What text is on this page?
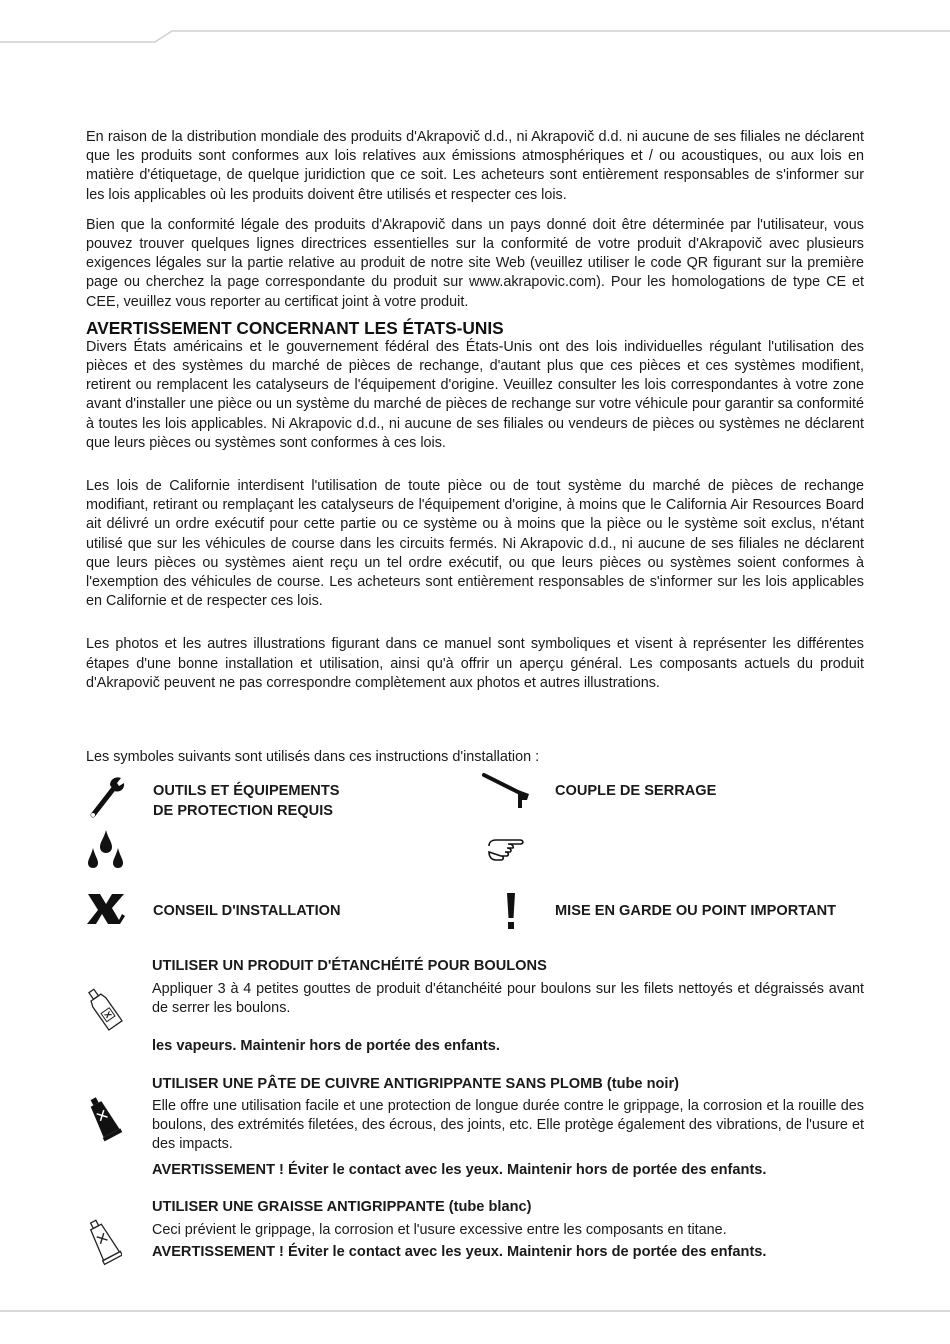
En raison de la distribution mondiale des produits d'Akrapovič d.d., ni Akrapovič d.d. ni aucune de ses filiales ne déclarent que les produits sont conformes aux lois relatives aux émissions atmosphériques et / ou acoustiques, ou aux lois en matière d'étiquetage, de quelque juridiction que ce soit. Les acheteurs sont entièrement responsables de s'informer sur les lois applicables où les produits doivent être utilisés et respecter ces lois.

Bien que la conformité légale des produits d'Akrapovič dans un pays donné doit être déterminée par l'utilisateur, vous pouvez trouver quelques lignes directrices essentielles sur la conformité de votre produit d'Akrapovič avec plusieurs exigences légales sur la partie relative au produit de notre site Web (veuillez utiliser le code QR figurant sur la première page ou cherchez la page correspondante du produit sur www.akrapovic.com). Pour les homologations de type CE et CEE, veuillez vous reporter au certificat joint à votre produit.

AVERTISSEMENT CONCERNANT LES ÉTATS-UNIS

Divers États américains et le gouvernement fédéral des États-Unis ont des lois individuelles régulant l'utilisation des pièces et des systèmes du marché de pièces de rechange, d'autant plus que ces pièces et ces systèmes modifient, retirent ou remplacent les catalyseurs de l'équipement d'origine. Veuillez consulter les lois correspondantes à votre zone avant d'installer une pièce ou un système du marché de pièces de rechange sur votre véhicule pour garantir sa conformité à toutes les lois applicables. Ni Akrapovic d.d., ni aucune de ses filiales ou vendeurs de pièces ou systèmes ne déclarent que leurs pièces ou systèmes sont conformes à ces lois.

Les lois de Californie interdisent l'utilisation de toute pièce ou de tout système du marché de pièces de rechange modifiant, retirant ou remplaçant les catalyseurs de l'équipement d'origine, à moins que le California Air Resources Board ait délivré un ordre exécutif pour cette partie ou ce système ou à moins que la pièce ou le système soit exclus, n'étant utilisé que sur les véhicules de course dans les circuits fermés. Ni Akrapovic d.d., ni aucune de ses filiales ne déclarent que leurs pièces ou systèmes aient reçu un tel ordre exécutif, ou que leurs pièces ou systèmes soient conformes à l'exemption des véhicules de course. Les acheteurs sont entièrement responsables de s'informer sur les lois applicables en Californie et de respecter ces lois.

Les photos et les autres illustrations figurant dans ce manuel sont symboliques et visent à représenter les différentes étapes d'une bonne installation et utilisation, ainsi qu'à offrir un aperçu général. Les composants actuels du produit d'Akrapovič peuvent ne pas correspondre complètement aux photos et autres illustrations.

Les symboles suivants sont utilisés dans ces instructions d'installation :
OUTILS ET ÉQUIPEMENTS
DE PROTECTION REQUIS
COUPLE DE SERRAGE
CONSEIL D'INSTALLATION	MISE EN GARDE OU POINT IMPORTANT
UTILISER UN PRODUIT D'ÉTANCHÉITÉ POUR BOULONS

Appliquer 3 à 4 petites gouttes de produit d'étanchéité pour boulons sur les filets nettoyés et dégraissés avant de serrer les boulons.

les vapeurs. Maintenir hors de portée des enfants.
UTILISER UNE PÂTE DE CUIVRE ANTIGRIPPANTE SANS PLOMB (tube noir)

Elle offre une utilisation facile et une protection de longue durée contre le grippage, la corrosion et la rouille des boulons, des extrémités filetées, des écrous, des joints, etc. Elle protège également des vibrations, de l'usure et des impacts.

AVERTISSEMENT ! Éviter le contact avec les yeux. Maintenir hors de portée des enfants.
UTILISER UNE GRAISSE ANTIGRIPPANTE (tube blanc)

Ceci prévient le grippage, la corrosion et l'usure excessive entre les composants en titane.

AVERTISSEMENT ! Éviter le contact avec les yeux. Maintenir hors de portée des enfants.
